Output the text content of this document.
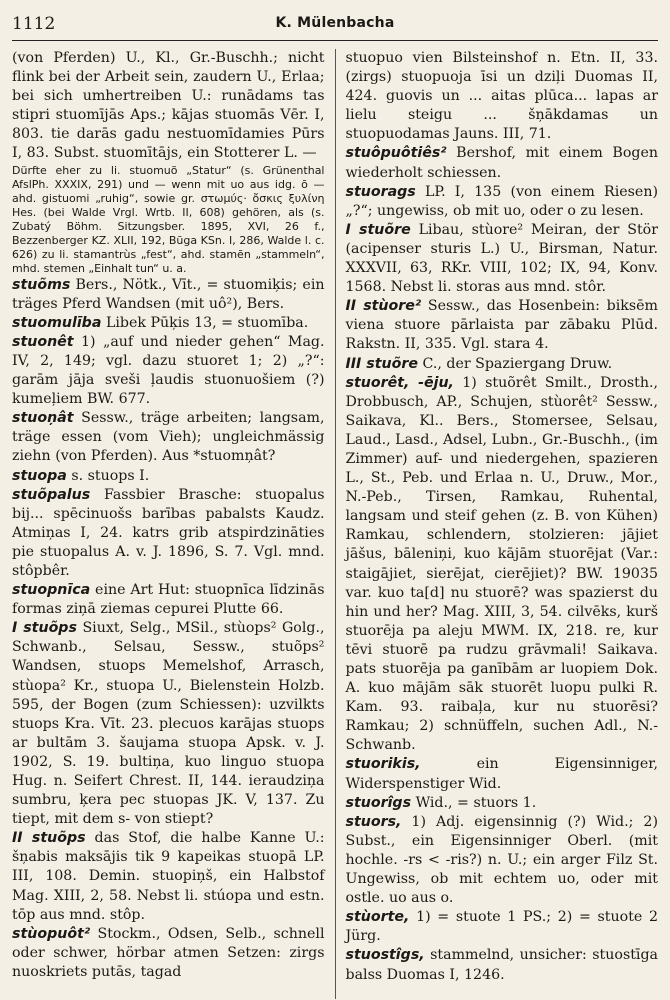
1112	K. Mülenbacha

(von Pferden) U., Kl., Gr.-Buschh.; nicht flink bei der Arbeit sein, zaudern U., Erlaa; bei sich umhertreiben U.: runādams tas stipri stuomījās Aps.; kājas stuomās Vēr. I, 803. tie darās gadu nestuomīdamies Pūrs I, 83. Subst. stuomītājs, ein Stotterer L. —

Dürfte eher zu li. stuomuõ „Statur“ (s. Grünenthal AfslPh. XXXIX, 291) und — wenn mit uo aus idg. ō — ahd. gistuomi „ruhig“, sowie gr. στωμύς· ὄσκις ξυλίνη Hes. (bei Walde Vrgl. Wrtb. II, 608) gehören, als (s. Zubatý Böhm. Sitzungsber. 1895, XVI, 26 f., Bezzenberger KZ. XLII, 192, Būga KSn. I, 286, Walde l. c. 626) zu li. stamantrùs „fest“, ahd. stamēn „stammeln“, mhd. stemen „Einhalt tun“ u. a.

stuõms Bers., Nötk., Vīt., = stuomiķis; ein träges Pferd Wandsen (mit uô²), Bers.

stuomulība Libek Pūķis 13, = stuomība.

stuonêt 1) „auf und nieder gehen“ Mag. IV, 2, 149; vgl. dazu stuoret 1; 2) „?“: garām jāja sveši ļaudis stuonuošiem (?) kumeļiem BW. 677.

stuoņât Sessw., träge arbeiten; langsam, träge essen (vom Vieh); ungleichmässig ziehn (von Pferden). Aus *stuomņât?

stuopa s. stuops I.

stuõpalus Fassbier Brasche: stuopalus bij... spēcinuošs barības pabalsts Kaudz. Atmiņas I, 24. katrs grib atspirdzināties pie stuopalus A. v. J. 1896, S. 7. Vgl. mnd. stôpbêr.

stuopnīca eine Art Hut: stuopnīca līdzinās formas ziņā ziemas cepurei Plutte 66.

I stuõps Siuxt, Selg., MSil., stùops² Golg., Schwanb., Selsau, Sessw., stuõps² Wandsen, stuops Memelshof, Arrasch, stùopa² Kr., stuopa U., Bielenstein Holzb. 595, der Bogen (zum Schiessen): uzvilkts stuops Kra. Vīt. 23. plecuos karājas stuops ar bultām 3. šaujama stuopa Apsk. v. J. 1902, S. 19. bultiņa, kuo linguo stuopa Hug. n. Seifert Chrest. II, 144. ieraudziņa sumbru, ķera pec stuopas JK. V, 137. Zu tiept, mit dem s- von stiept?

II stuõps das Stof, die halbe Kanne U.: šņabis maksājis tik 9 kapeikas stuopā LP. III, 108. Demin. stuopiņš, ein Halbstof Mag. XIII, 2, 58. Nebst li. stúopa und estn. tōp aus mnd. stôp.

stùopuôt² Stockm., Odsen, Selb., schnell oder schwer, hörbar atmen Setzen: zirgs nuoskriets putās, tagad

stuopuo vien Bilsteinshof n. Etn. II, 33. (zirgs) stuopuoja īsi un dziļi Duomas II, 424. guovis un ... aitas plūca... lapas ar lielu steigu ... šņākdamas un stuopuodamas Jauns. III, 71.

stuôpuôtiês² Bershof, mit einem Bogen wiederholt schiessen.

stuorags LP. I, 135 (von einem Riesen) „?“; ungewiss, ob mit uo, oder o zu lesen.

I stuõre Libau, stùore² Meiran, der Stör (acipenser sturis L.) U., Birsman, Natur. XXXVII, 63, RKr. VIII, 102; IX, 94, Konv. 1568. Nebst li. storas aus mnd. stôr.

II stùore² Sessw., das Hosenbein: biksēm viena stuore pārlaista par zābaku Plūd. Rakstn. II, 335. Vgl. stara 4.

III stuõre C., der Spaziergang Druw.

stuorêt, -ēju, 1) stuõrêt Smilt., Drosth., Drobbusch, AP., Schujen, stùorêt² Sessw., Saikava, Kl.. Bers., Stomersee, Selsau, Laud., Lasd., Adsel, Lubn., Gr.-Buschh., (im Zimmer) auf- und niedergehen, spazieren L., St., Peb. und Erlaa n. U., Druw., Mor., N.-Peb., Tirsen, Ramkau, Ruhental, langsam und steif gehen (z. B. von Kühen) Ramkau, schlendern, stolzieren: jājiet jāšus, bāleniņi, kuo kājām stuorējat (Var.: staigājiet, sierējat, cierējiet)? BW. 19035 var. kuo ta[d] nu stuorē? was spazierst du hin und her? Mag. XIII, 3, 54. cilvēks, kurš stuorēja pa aleju MWM. IX, 218. re, kur tēvi stuorē pa rudzu grāvmali! Saikava. pats stuorēja pa ganībām ar luopiem Dok. A. kuo mājām sāk stuorēt luopu pulki R. Kam. 93. raibaļa, kur nu stuorēsi? Ramkau; 2) schnüffeln, suchen Adl., N.-Schwanb.

stuorikis,	ein Eigensinniger, Widerspenstiger Wid.

stuorîgs Wid., = stuors 1.

stuors, 1) Adj. eigensinnig (?) Wid.; 2) Subst., ein Eigensinniger Oberl. (mit hochle. -rs < -ris?) n. U.; ein arger Filz St. Ungewiss, ob mit echtem uo, oder mit ostle. uo aus o.

stùorte, 1) = stuote 1 PS.; 2) = stuote 2 Jürg.

stuostîgs, stammelnd, unsicher: stuostīga balss Duomas I, 1246.
